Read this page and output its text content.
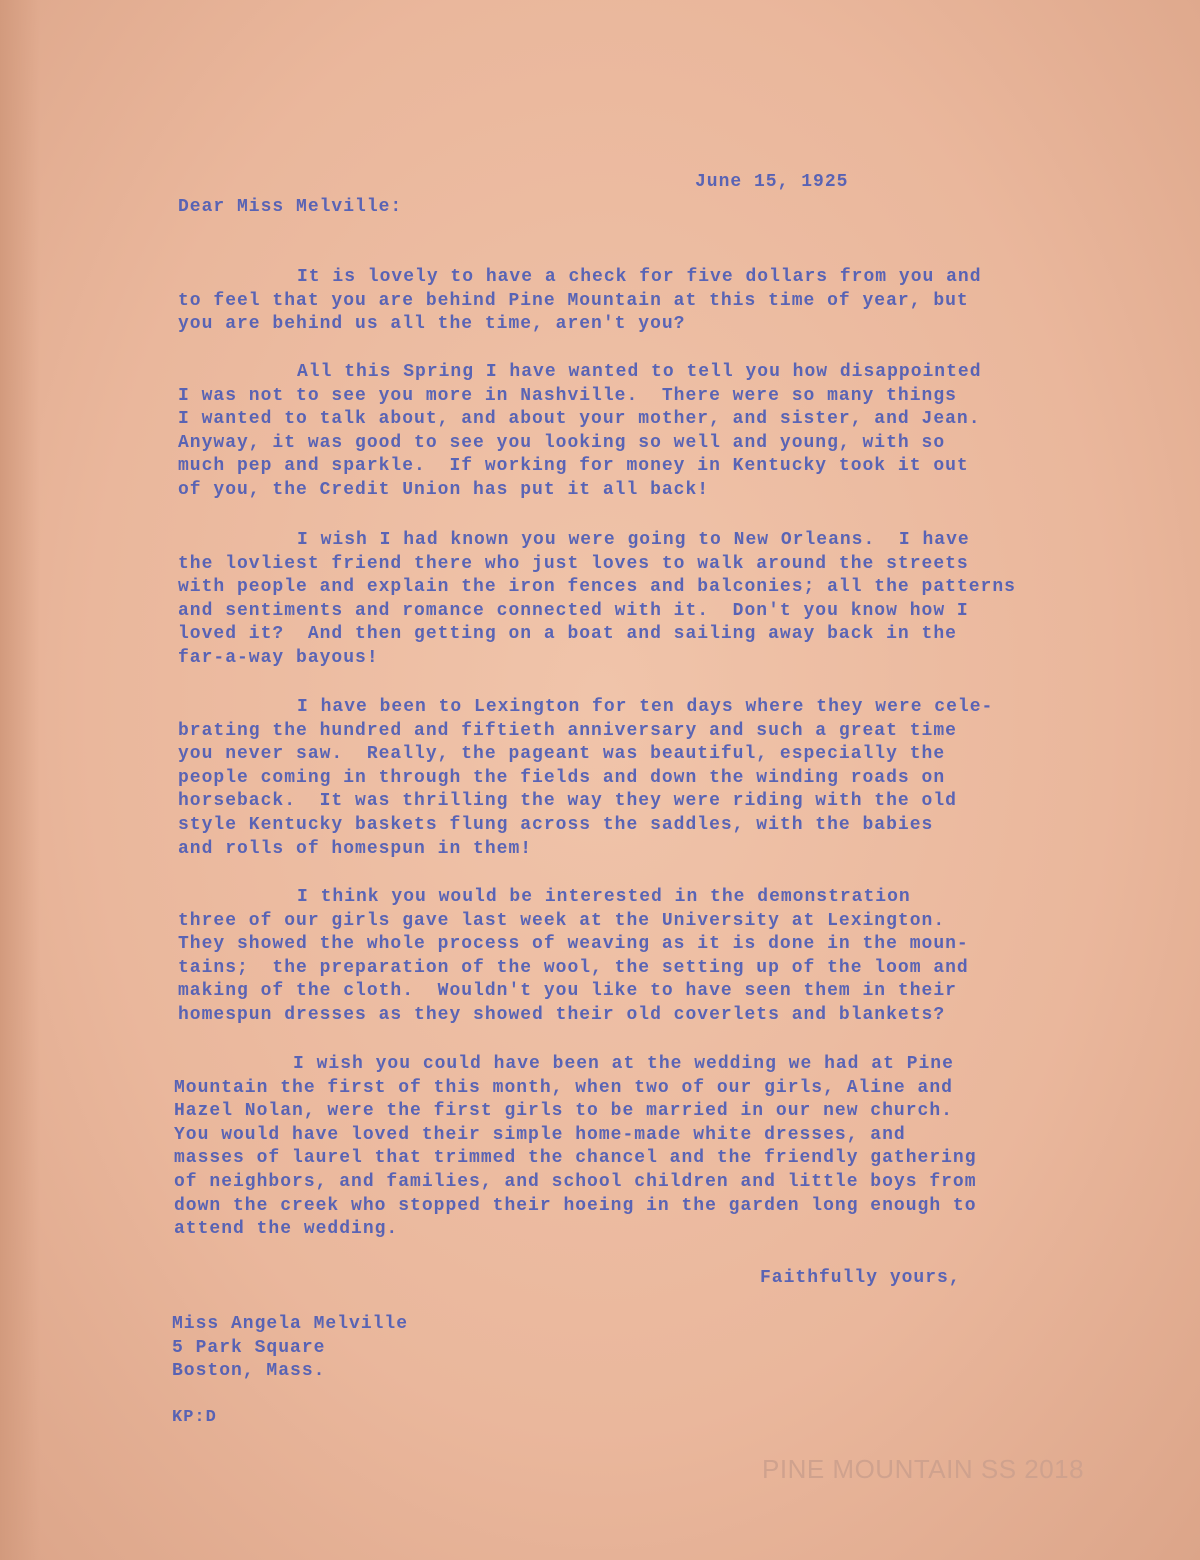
June 15, 1925
Dear Miss Melville:
It is lovely to have a check for five dollars from you and
to feel that you are behind Pine Mountain at this time of year, but
you are behind us all the time, aren't you?
All this Spring I have wanted to tell you how disappointed
I was not to see you more in Nashville.  There were so many things
I wanted to talk about, and about your mother, and sister, and Jean.
Anyway, it was good to see you looking so well and young, with so
much pep and sparkle.  If working for money in Kentucky took it out
of you, the Credit Union has put it all back!
I wish I had known you were going to New Orleans.  I have
the lovliest friend there who just loves to walk around the streets
with people and explain the iron fences and balconies; all the patterns
and sentiments and romance connected with it.  Don't you know how I
loved it?  And then getting on a boat and sailing away back in the
far-a-way bayous!
I have been to Lexington for ten days where they were cele-
brating the hundred and fiftieth anniversary and such a great time
you never saw.  Really, the pageant was beautiful, especially the
people coming in through the fields and down the winding roads on
horseback.  It was thrilling the way they were riding with the old
style Kentucky baskets flung across the saddles, with the babies
and rolls of homespun in them!
I think you would be interested in the demonstration
three of our girls gave last week at the University at Lexington.
They showed the whole process of weaving as it is done in the moun-
tains;  the preparation of the wool, the setting up of the loom and
making of the cloth.  Wouldn't you like to have seen them in their
homespun dresses as they showed their old coverlets and blankets?
I wish you could have been at the wedding we had at Pine
Mountain the first of this month, when two of our girls, Aline and
Hazel Nolan, were the first girls to be married in our new church.
You would have loved their simple home-made white dresses, and
masses of laurel that trimmed the chancel and the friendly gathering
of neighbors, and families, and school children and little boys from
down the creek who stopped their hoeing in the garden long enough to
attend the wedding.
Faithfully yours,
Miss Angela Melville
5 Park Square
Boston, Mass.
KP:D
PINE MOUNTAIN SS 2018
